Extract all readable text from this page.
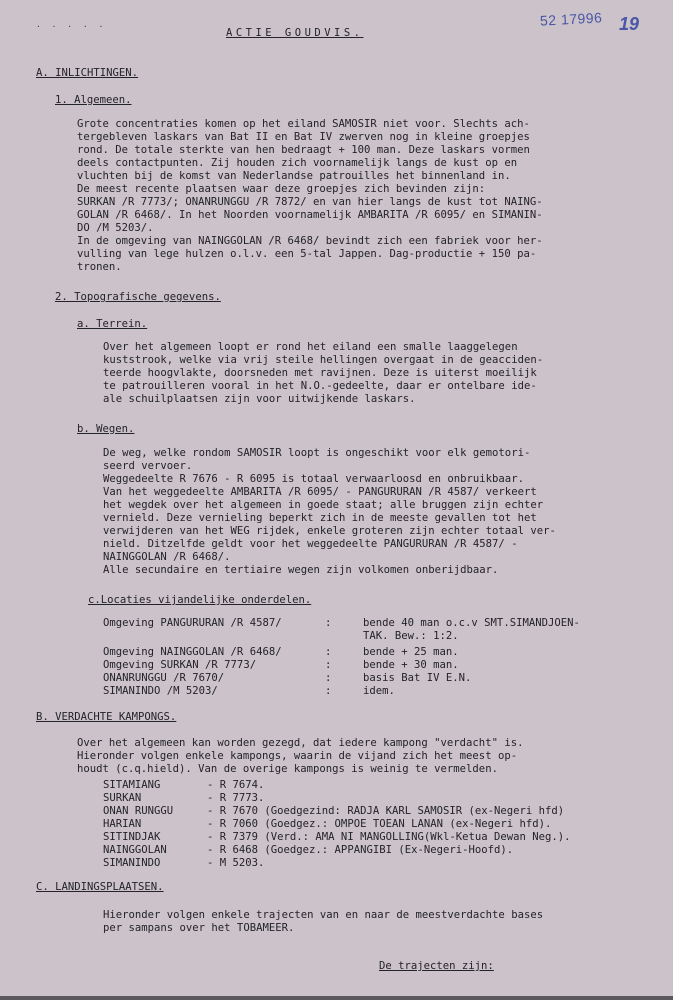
· · · · ·	52 17996 19
ACTIE GOUDVIS.
A. INLICHTINGEN.
1. Algemeen.
Grote concentraties komen op het eiland SAMOSIR niet voor. Slechts ach-
tergebleven laskars van Bat II en Bat IV zwerven nog in kleine groepjes
rond. De totale sterkte van hen bedraagt + 100 man. Deze laskars vormen
deels contactpunten. Zij houden zich voornamelijk langs de kust op en
vluchten bij de komst van Nederlandse patrouilles het binnenland in.
De meest recente plaatsen waar deze groepjes zich bevinden zijn:
SURKAN /R 7773/; ONANRUNGGU /R 7872/ en van hier langs de kust tot NAING-
GOLAN /R 6468/. In het Noorden voornamelijk AMBARITA /R 6095/ en SIMANIN-
DO /M 5203/.
In de omgeving van NAINGGOLAN /R 6468/ bevindt zich een fabriek voor her-
vulling van lege hulzen o.l.v. een 5-tal Jappen. Dag-productie + 150 pa-
tronen.
2. Topografische gegevens.
a. Terrein.
Over het algemeen loopt er rond het eiland een smalle laaggelegen
kuststrook, welke via vrij steile hellingen overgaat in de geacciden-
teerde hoogvlakte, doorsneden met ravijnen. Deze is uiterst moeilijk
te patrouilleren vooral in het N.O.-gedeelte, daar er ontelbare ide-
ale schuilplaatsen zijn voor uitwijkende laskars.
b. Wegen.
De weg, welke rondom SAMOSIR loopt is ongeschikt voor elk gemotori-
seerd vervoer.
Weggedeelte R 7676 - R 6095 is totaal verwaarloosd en onbruikbaar.
Van het weggedeelte AMBARITA /R 6095/ - PANGURURAN /R 4587/ verkeert
het wegdek over het algemeen in goede staat; alle bruggen zijn echter
vernield. Deze vernieling beperkt zich in de meeste gevallen tot het
verwijderen van het WEG rijdek, enkele groteren zijn echter totaal ver-
nield. Ditzelfde geldt voor het weggedeelte PANGURURAN /R 4587/ -
NAINGGOLAN /R 6468/.
Alle secundaire en tertiaire wegen zijn volkomen onberijdbaar.
c.Locaties vijandelijke onderdelen.
Omgeving PANGURURAN /R 4587/	:	bende 40 man o.c.v SMT.SIMANDJOEN-
TAK. Bew.: 1:2.
Omgeving NAINGGOLAN /R 6468/	:	bende + 25 man.
Omgeving SURKAN /R 7773/	:	bende + 30 man.
ONANRUNGGU /R 7670/	:	basis Bat IV E.N.
SIMANINDO /M 5203/	:	idem.
B. VERDACHTE KAMPONGS.
Over het algemeen kan worden gezegd, dat iedere kampong "verdacht" is.
Hieronder volgen enkele kampongs, waarin de vijand zich het meest op-
houdt (c.q.hield). Van de overige kampongs is weinig te vermelden.
SITAMIANG	- R 7674.
SURKAN	- R 7773.
ONAN RUNGGU	- R 7670 (Goedgezind: RADJA KARL SAMOSIR (ex-Negeri hfd)
HARIAN	- R 7060 (Goedgez.: OMPOE TOEAN LANAN (ex-Negeri hfd).
SITINDJAK	- R 7379 (Verd.: AMA NI MANGOLLING(Wkl-Ketua Dewan Neg.).
NAINGGOLAN	- R 6468 (Goedgez.: APPANGIBI (Ex-Negeri-Hoofd).
SIMANINDO	- M 5203.
C. LANDINGSPLAATSEN.
Hieronder volgen enkele trajecten van en naar de meestverdachte bases
per sampans over het TOBAMEER.
De trajecten zijn:
